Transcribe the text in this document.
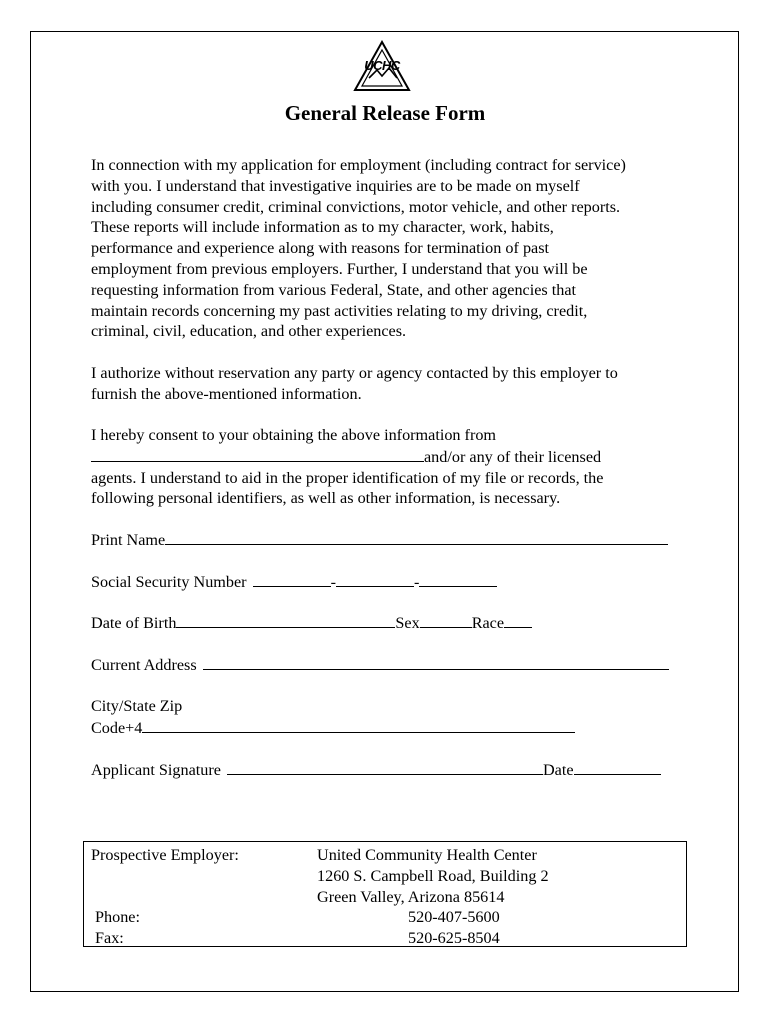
UCHC
General Release Form
In connection with my application for employment (including contract for service)
with you. I understand that investigative inquiries are to be made on myself
including consumer credit, criminal convictions, motor vehicle, and other reports.
These reports will include information as to my character, work, habits,
performance and experience along with reasons for termination of past
employment from previous employers. Further, I understand that you will be
requesting information from various Federal, State, and other agencies that
maintain records concerning my past activities relating to my driving, credit,
criminal, civil, education, and other experiences.
I authorize without reservation any party or agency contacted by this employer to
furnish the above-mentioned information.
I hereby consent to your obtaining the above information from
and/or any of their licensed
agents. I understand to aid in the proper identification of my file or records, the
following personal identifiers, as well as other information, is necessary.
Print Name
Social Security Number	-	-
Date of Birth	Sex	Race
Current Address
City/State Zip
Code+4
Applicant Signature	Date
Prospective Employer:	United Community Health Center
1260 S. Campbell Road, Building 2
Green Valley, Arizona 85614
Phone:	520-407-5600
Fax:	520-625-8504
